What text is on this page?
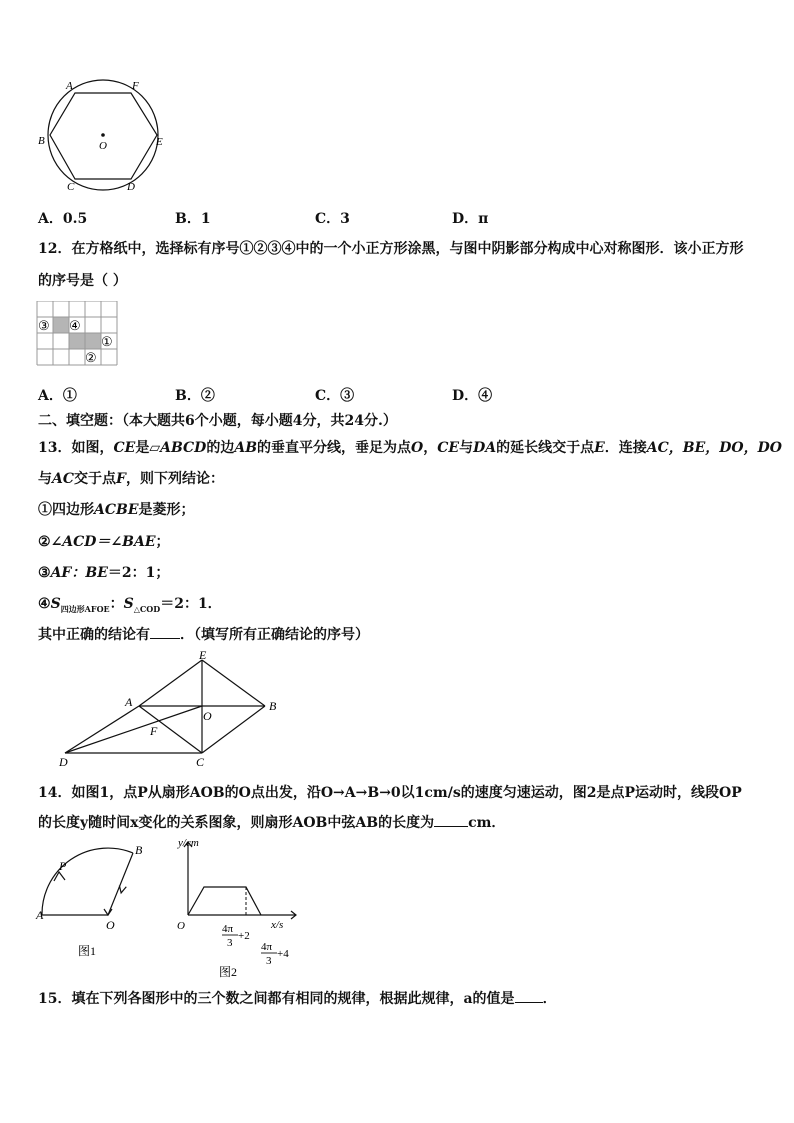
A	F
B	E
C	D
O
A．0.5	B．1	C．3	D．π
12．在方格纸中，选择标有序号①②③④中的一个小正方形涂黑，与图中阴影部分构成中心对称图形．该小正方形
的序号是（ ）
③ ④
①
②
A．①	B．②	C．③	D．④
二、填空题：（本大题共6个小题，每小题4分，共24分.）
13．如图，CE是▱ABCD的边AB的垂直平分线，垂足为点O，CE与DA的延长线交于点E．连接AC，BE，DO，DO
与AC交于点F，则下列结论：
①四边形ACBE是菱形；
②∠ACD＝∠BAE；
③AF：BE＝2：1；
$④S_{四边形AFOE}$：$S_{\triangle COD}=2$：1．
其中正确的结论有 ．（填写所有正确结论的序号）
E
A
O
B
F
D	C
14．如图1，点P从扇形AOB的O点出发，沿O→A→B→0以1cm/s的速度匀速运动，图2是点P运动时，线段OP
的长度y随时间x变化的关系图象，则扇形AOB中弦AB的长度为 cm．
P
B
A
O
图1
y/cm
x/s
O	4π
3
+2
4π
3
+4
图2
15．填在下列各图形中的三个数之间都有相同的规律，根据此规律，a的值是 ．
